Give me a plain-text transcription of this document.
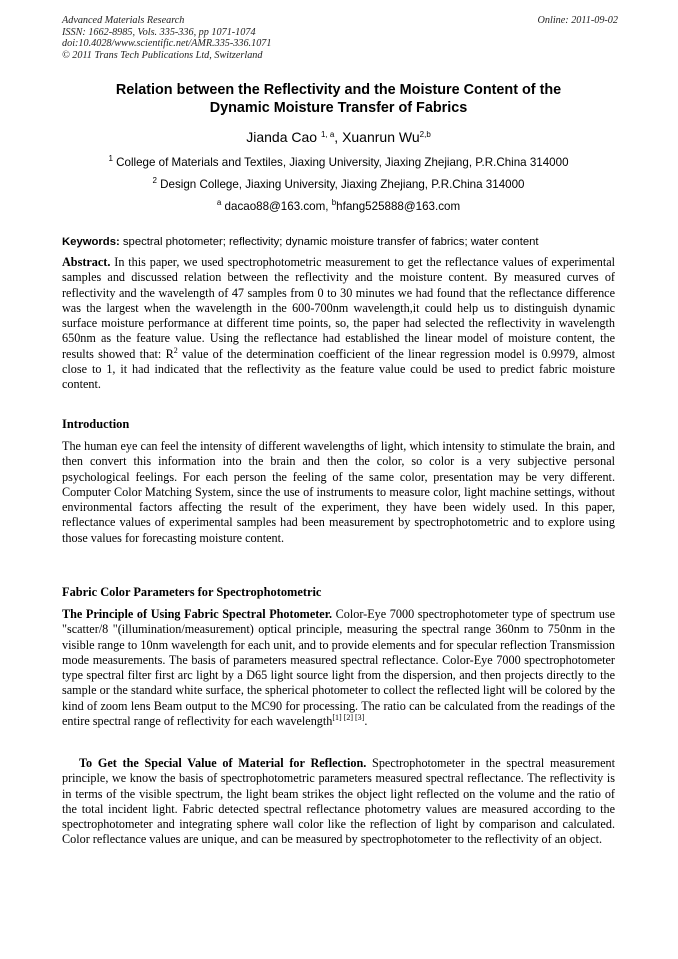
Advanced Materials Research
ISSN: 1662-8985, Vols. 335-336, pp 1071-1074
doi:10.4028/www.scientific.net/AMR.335-336.1071
© 2011 Trans Tech Publications Ltd, Switzerland
Online: 2011-09-02
Relation between the Reflectivity and the Moisture Content of the
Dynamic Moisture Transfer of Fabrics
Jianda Cao $^{1, a}$, Xuanrun Wu$^{2,b}$
$^1$ College of Materials and Textiles, Jiaxing University, Jiaxing Zhejiang, P.R.China 314000
$^2$ Design College, Jiaxing University, Jiaxing Zhejiang, P.R.China 314000
$^a$ dacao88@163.com, $^b$hfang525888@163.com
Keywords: spectral photometer; reflectivity; dynamic moisture transfer of fabrics; water content
Abstract. In this paper, we used spectrophotometric measurement to get the reflectance values of experimental samples and discussed relation between the reflectivity and the moisture content. By measured curves of reflectivity and the wavelength of 47 samples from 0 to 30 minutes we had found that the reflectance difference was the largest when the wavelength in the 600-700nm wavelength,it could help us to distinguish dynamic surface moisture performance at different time points, so, the paper had selected the reflectivity in wavelength 650nm as the feature value. Using the reflectance had established the linear model of moisture content, the results showed that: $R^2$ value of the determination coefficient of the linear regression model is 0.9979, almost close to 1, it had indicated that the reflectivity as the feature value could be used to predict fabric moisture content.
Introduction
The human eye can feel the intensity of different wavelengths of light, which intensity to stimulate the brain, and then convert this information into the brain and then the color, so color is a very subjective personal psychological feelings. For each person the feeling of the same color, presentation may be very different. Computer Color Matching System, since the use of instruments to measure color, light machine settings, without environmental factors affecting the result of the experiment, they have been widely used. In this paper, reflectance values of experimental samples had been measurement by spectrophotometric and to explore using those values for forecasting moisture content.
Fabric Color Parameters for Spectrophotometric
The Principle of Using Fabric Spectral Photometer. Color-Eye 7000 spectrophotometer type of spectrum use "scatter/8 "(illumination/measurement) optical principle, measuring the spectral range 360nm to 750nm in the visible range to 10nm wavelength for each unit, and to provide elements and for specular reflection Transmission mode measurements. The basis of parameters measured spectral reflectance. Color-Eye 7000 spectrophotometer type spectral filter first arc light by a D65 light source light from the dispersion, and then projects directly to the sample or the standard white surface, the spherical photometer to collect the reflected light will be colored by the kind of zoom lens Beam output to the MC90 for processing. The ratio can be calculated from the readings of the entire spectral range of reflectivity for each wavelength[1] [2] [3].
To Get the Special Value of Material for Reflection. Spectrophotometer in the spectral measurement principle, we know the basis of spectrophotometric parameters measured spectral reflectance. The reflectivity is in terms of the visible spectrum, the light beam strikes the object light reflected on the volume and the ratio of the total incident light. Fabric detected spectral reflectance photometry values are measured according to the spectrophotometer and integrating sphere wall color like the reflection of light by comparison and calculated. Color reflectance values are unique, and can be measured by spectrophotometer to the reflectivity of an object.
